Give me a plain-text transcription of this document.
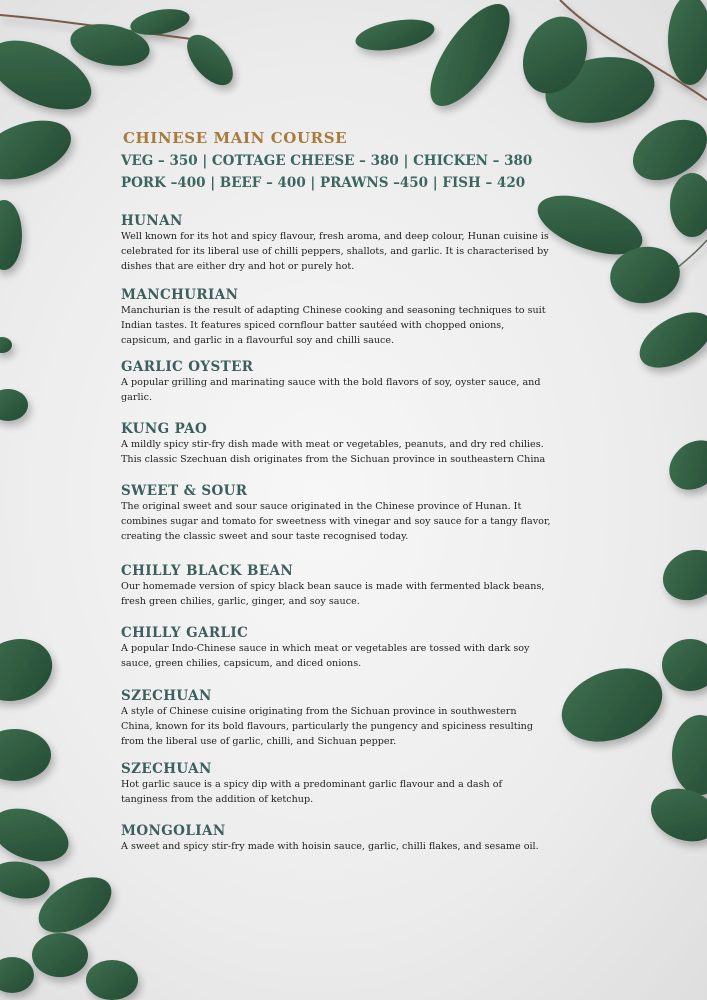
CHINESE MAIN COURSE
VEG – 350 | COTTAGE CHEESE – 380 | CHICKEN – 380
PORK –400 | BEEF – 400 | PRAWNS –450 | FISH – 420
HUNAN
Well known for its hot and spicy flavour, fresh aroma, and deep colour, Hunan cuisine is celebrated for its liberal use of chilli peppers, shallots, and garlic. It is characterised by dishes that are either dry and hot or purely hot.
MANCHURIAN
Manchurian is the result of adapting Chinese cooking and seasoning techniques to suit Indian tastes. It features spiced cornflour batter sautéed with chopped onions, capsicum, and garlic in a flavourful soy and chilli sauce.
GARLIC OYSTER
A popular grilling and marinating sauce with the bold flavors of soy, oyster sauce, and garlic.
KUNG PAO
A mildly spicy stir-fry dish made with meat or vegetables, peanuts, and dry red chilies. This classic Szechuan dish originates from the Sichuan province in southeastern China
SWEET & SOUR
The original sweet and sour sauce originated in the Chinese province of Hunan. It combines sugar and tomato for sweetness with vinegar and soy sauce for a tangy flavor, creating the classic sweet and sour taste recognised today.
CHILLY BLACK BEAN
Our homemade version of spicy black bean sauce is made with fermented black beans, fresh green chilies, garlic, ginger, and soy sauce.
CHILLY GARLIC
A popular Indo-Chinese sauce in which meat or vegetables are tossed with dark soy sauce, green chilies, capsicum, and diced onions.
SZECHUAN
A style of Chinese cuisine originating from the Sichuan province in southwestern China, known for its bold flavours, particularly the pungency and spiciness resulting from the liberal use of garlic, chilli, and Sichuan pepper.
SZECHUAN
Hot garlic sauce is a spicy dip with a predominant garlic flavour and a dash of tanginess from the addition of ketchup.
MONGOLIAN
A sweet and spicy stir-fry made with hoisin sauce, garlic, chilli flakes, and sesame oil.
